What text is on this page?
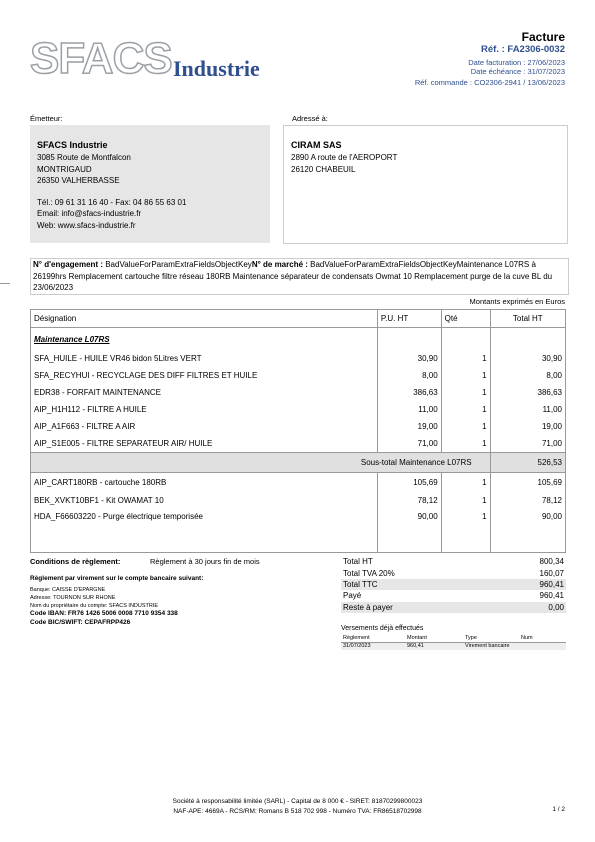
SFACS Industrie
Facture
Réf. : FA2306-0032
Date facturation : 27/06/2023
Date échéance : 31/07/2023
Réf. commande : CO2306-2941 / 13/06/2023
Émetteur:
SFACS Industrie
3085 Route de Montfalcon
MONTRIGAUD
26350 VALHERBASSE
Tél.: 09 61 31 16 40 - Fax: 04 86 55 63 01
Email: info@sfacs-industrie.fr
Web: www.sfacs-industrie.fr
Adressé à:
CIRAM SAS
2890 A route de l'AEROPORT
26120 CHABEUIL
N° d'engagement : BadValueForParamExtraFieldsObjectKeyN° de marché : BadValueForParamExtraFieldsObjectKeyMaintenance L07RS à 26199hrs Remplacement cartouche filtre réseau 180RB Maintenance séparateur de condensats Owmat 10 Remplacement purge de la cuve BL du 23/06/2023
Montants exprimés en Euros
Désignation	P.U. HT	Qté	Total HT
Maintenance L07RS			
SFA_HUILE - HUILE VR46 bidon 5Litres VERT	30,90	1	30,90
SFA_RECYHUI - RECYCLAGE DES DIFF FILTRES ET HUILE	8,00	1	8,00
EDR38 - FORFAIT MAINTENANCE	386,63	1	386,63
AIP_H1H112 - FILTRE A HUILE	11,00	1	11,00
AIP_A1F663 - FILTRE A AIR	19,00	1	19,00
AIP_S1E005 - FILTRE SEPARATEUR AIR/ HUILE	71,00	1	71,00
Sous-total Maintenance L07RS			526,53
AIP_CART180RB - cartouche 180RB	105,69	1	105,69
BEK_XVKT10BF1 - Kit OWAMAT 10	78,12	1	78,12
HDA_F66603220 - Purge électrique temporisée	90,00	1	90,00
Conditions de règlement:	Règlement à 30 jours fin de mois
Règlement par virement sur le compte bancaire suivant:
Banque: CAISSE D'EPARGNE
Adresse: TOURNON SUR RHONE
Nom du propriétaire du compte: SFACS INDUSTRIE
Code IBAN: FR76 1426 5006 0008 7710 9354 338
Code BIC/SWIFT: CEPAFRPP426
Total HT	800,34
Total TVA 20%	160,07
Total TTC	960,41
Payé	960,41
Reste à payer	0,00
Versements déjà effectués
Règlement	Montant	Type	Num
31/07/2023	960,41	Virement bancaire	
Société à responsabilité limitée (SARL) - Capital de 8 000 € - SIRET: 81870299800023
NAF-APE: 4669A - RCS/RM: Romans B 518 702 998 - Numéro TVA: FR86518702998	1 / 2
